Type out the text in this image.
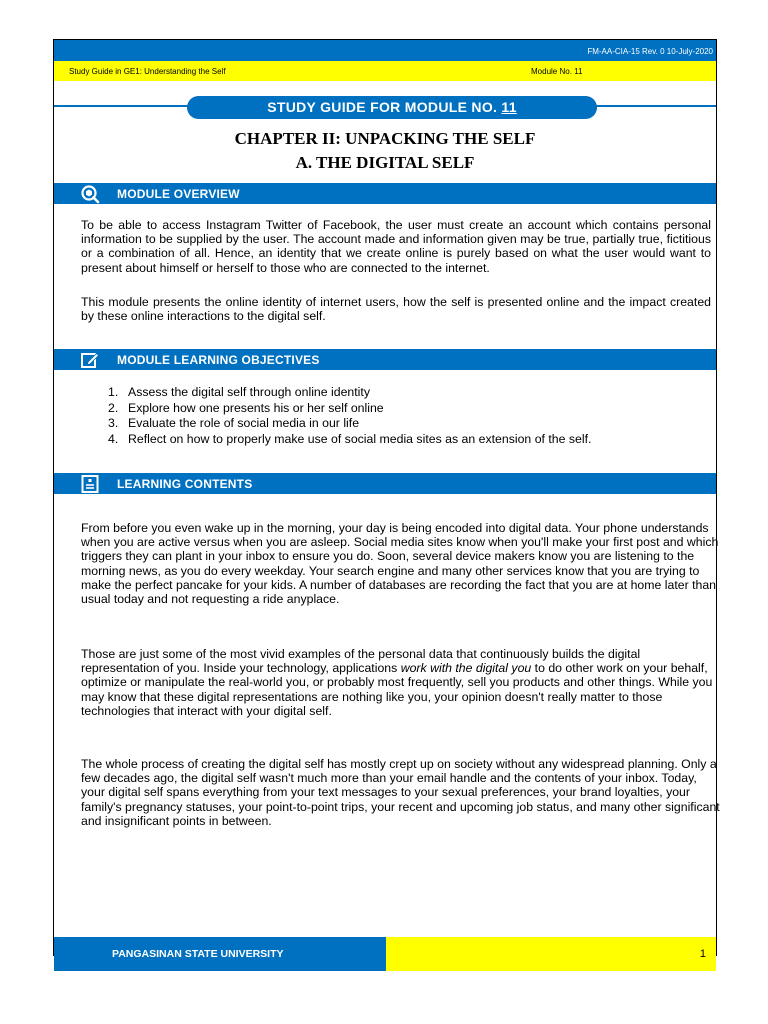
FM-AA-CIA-15 Rev. 0 10-July-2020
Study Guide in GE1: Understanding the Self	Module No. 11
STUDY GUIDE FOR MODULE NO. 11
CHAPTER II: UNPACKING THE SELF
A. THE DIGITAL SELF
MODULE OVERVIEW

To be able to access Instagram Twitter of Facebook, the user must create an account which contains personal information to be supplied by the user. The account made and information given may be true, partially true, fictitious or a combination of all. Hence, an identity that we create online is purely based on what the user would want to present about himself or herself to those who are connected to the internet.

This module presents the online identity of internet users, how the self is presented online and the impact created by these online interactions to the digital self.

MODULE LEARNING OBJECTIVES
1. Assess the digital self through online identity
2. Explore how one presents his or her self online
3. Evaluate the role of social media in our life
4. Reflect on how to properly make use of social media sites as an extension of the self.
LEARNING CONTENTS

From before you even wake up in the morning, your day is being encoded into digital data. Your phone understands when you are active versus when you are asleep. Social media sites know when you'll make your first post and which triggers they can plant in your inbox to ensure you do. Soon, several device makers know you are listening to the morning news, as you do every weekday. Your search engine and many other services know that you are trying to make the perfect pancake for your kids. A number of databases are recording the fact that you are at home later than usual today and not requesting a ride anyplace.

Those are just some of the most vivid examples of the personal data that continuously builds the digital representation of you. Inside your technology, applications work with the digital you to do other work on your behalf, optimize or manipulate the real-world you, or probably most frequently, sell you products and other things. While you may know that these digital representations are nothing like you, your opinion doesn't really matter to those technologies that interact with your digital self.

The whole process of creating the digital self has mostly crept up on society without any widespread planning. Only a few decades ago, the digital self wasn't much more than your email handle and the contents of your inbox. Today, your digital self spans everything from your text messages to your sexual preferences, your brand loyalties, your family's pregnancy statuses, your point-to-point trips, your recent and upcoming job status, and many other significant and insignificant points in between.

PANGASINAN STATE UNIVERSITY	1
